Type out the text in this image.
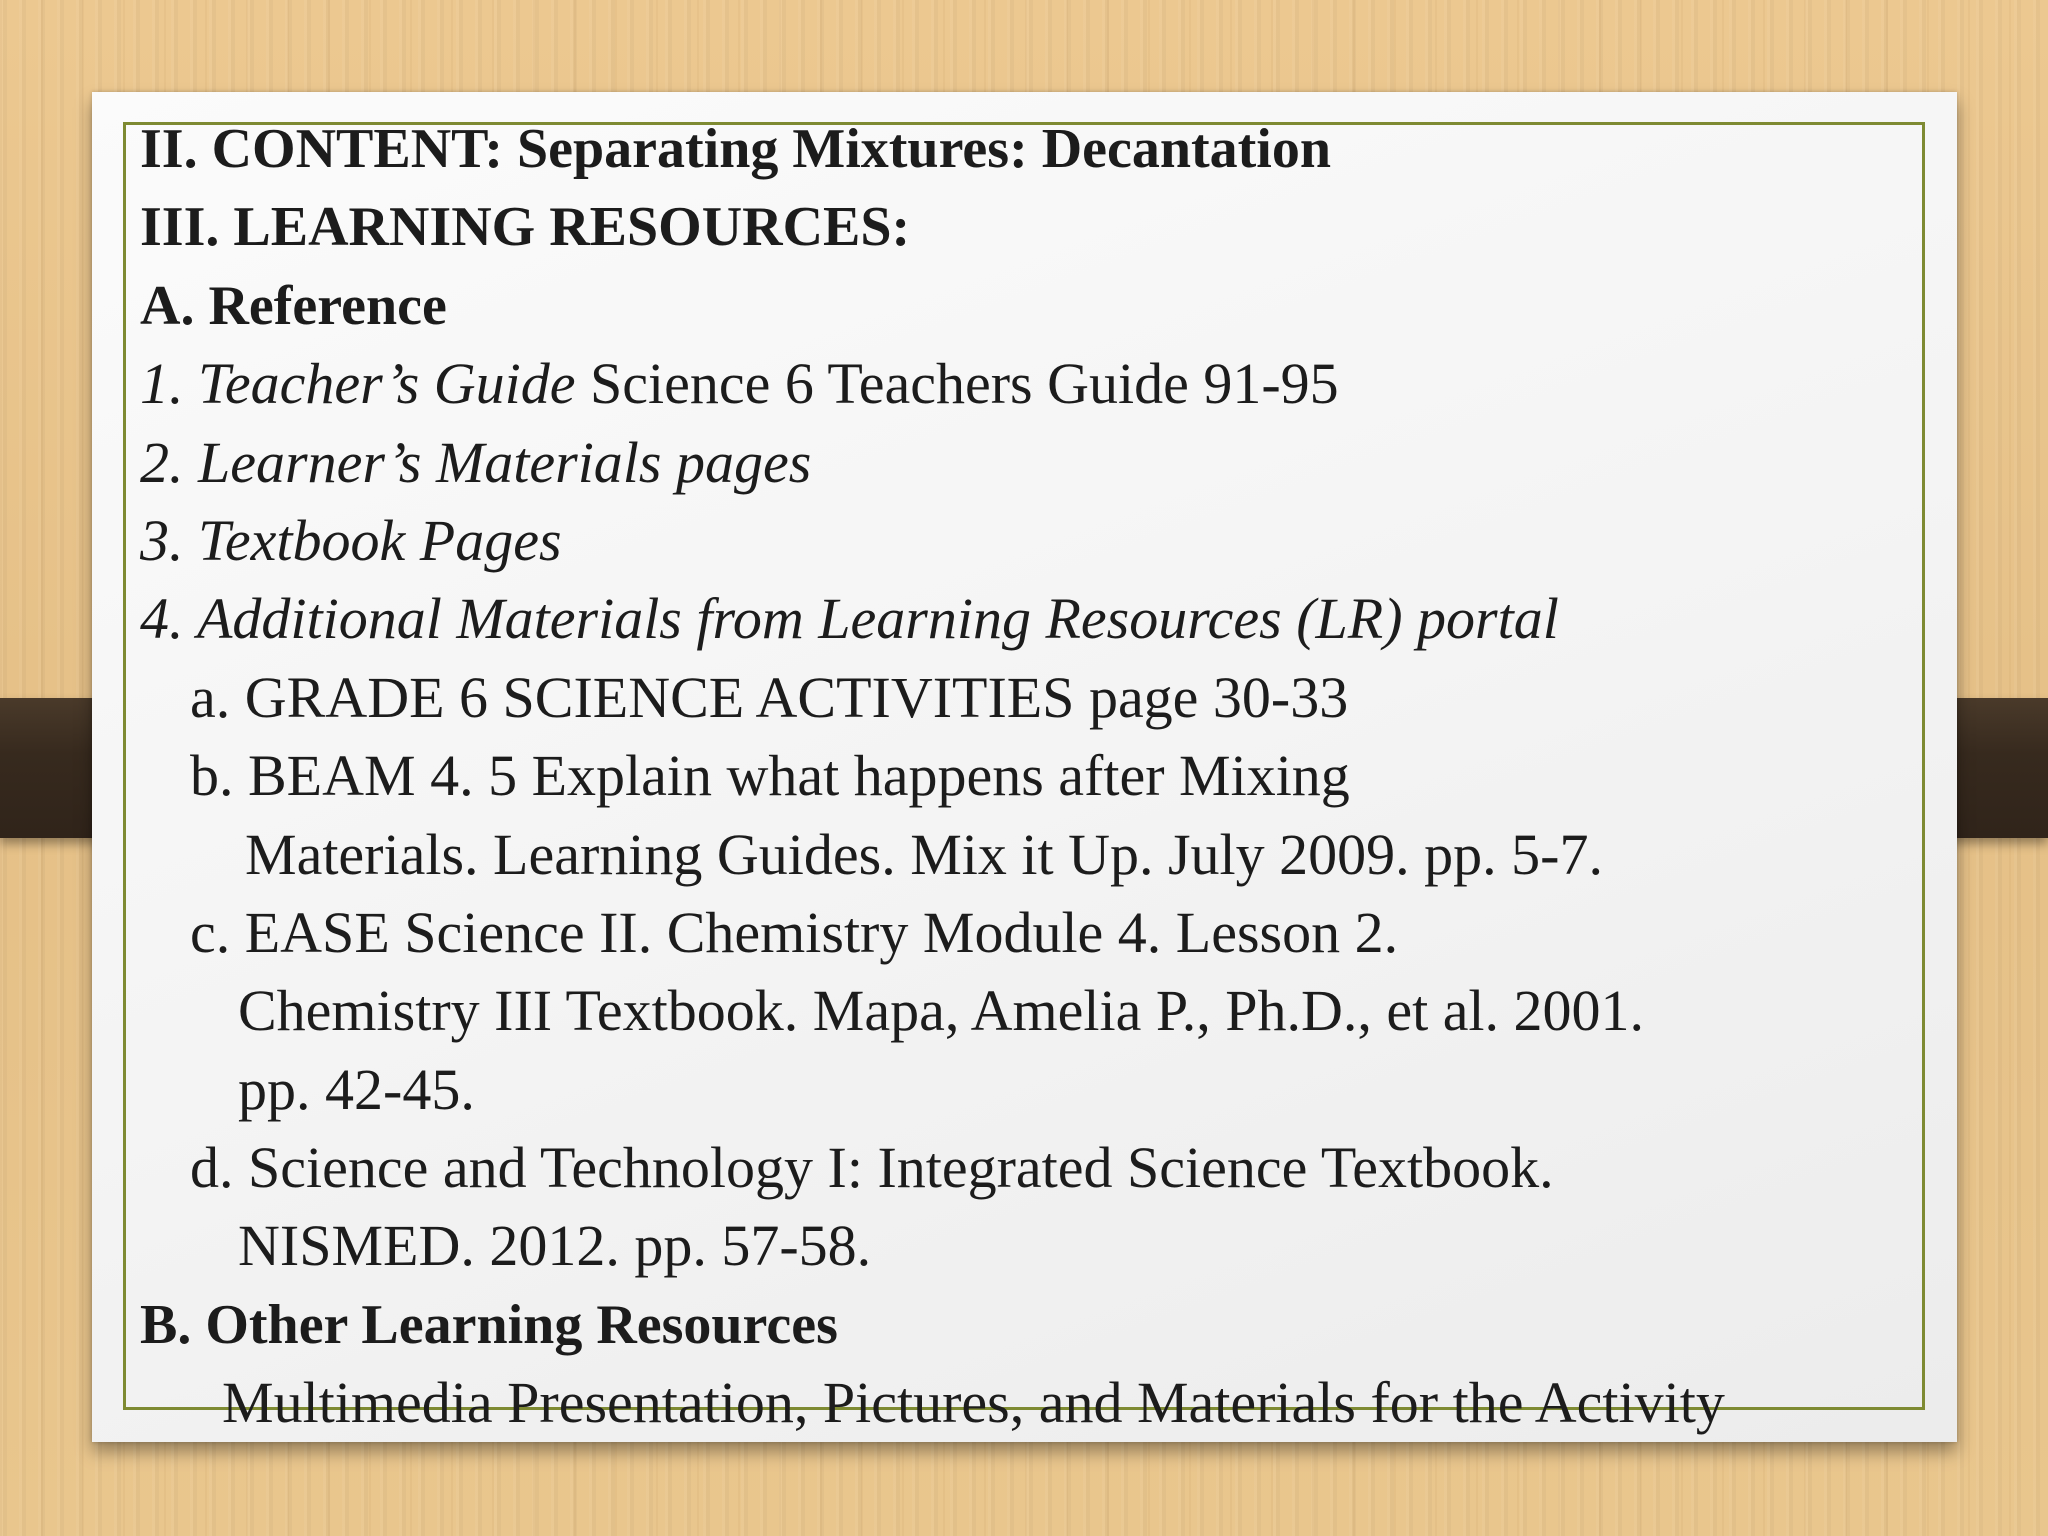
II. CONTENT: Separating Mixtures: Decantation
III. LEARNING RESOURCES:
A. Reference
1. Teacher’s Guide Science 6 Teachers Guide 91-95
2. Learner’s Materials pages
3. Textbook Pages
4. Additional Materials from Learning Resources (LR) portal
a. GRADE 6 SCIENCE ACTIVITIES page 30-33
b. BEAM 4. 5 Explain what happens after Mixing
Materials. Learning Guides. Mix it Up. July 2009. pp. 5-7.
c. EASE Science II. Chemistry Module 4. Lesson 2.
Chemistry III Textbook. Mapa, Amelia P., Ph.D., et al. 2001.
pp. 42-45.
d. Science and Technology I: Integrated Science Textbook.
NISMED. 2012. pp. 57-58.
B. Other Learning Resources
Multimedia Presentation, Pictures, and Materials for the Activity
